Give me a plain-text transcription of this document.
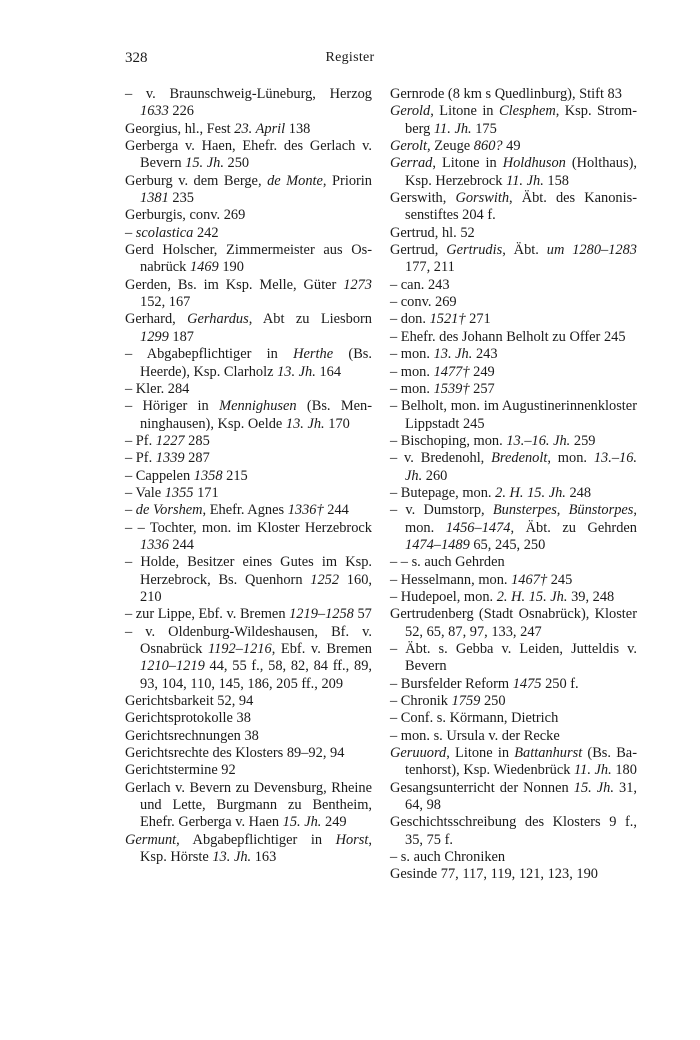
328	Register
– v. Braunschweig-Lüneburg, Herzog 1633 226
Georgius, hl., Fest 23. April 138
Gerberga v. Haen, Ehefr. des Gerlach v. Bevern 15. Jh. 250
Gerburg v. dem Berge, de Monte, Priorin 1381 235
Gerburgis, conv. 269
– scolastica 242
Gerd Holscher, Zimmermeister aus Osnabrück 1469 190
Gerden, Bs. im Ksp. Melle, Güter 1273 152, 167
Gerhard, Gerhardus, Abt zu Liesborn 1299 187
– Abgabepflichtiger in Herthe (Bs. Heerde), Ksp. Clarholz 13. Jh. 164
– Kler. 284
– Höriger in Mennighusen (Bs. Menninghausen), Ksp. Oelde 13. Jh. 170
– Pf. 1227 285
– Pf. 1339 287
– Cappelen 1358 215
– Vale 1355 171
– de Vorshem, Ehefr. Agnes 1336† 244
– – Tochter, mon. im Kloster Herzebrock 1336 244
– Holde, Besitzer eines Gutes im Ksp. Herzebrock, Bs. Quenhorn 1252 160, 210
– zur Lippe, Ebf. v. Bremen 1219–1258 57
– v. Oldenburg-Wildeshausen, Bf. v. Osnabrück 1192–1216, Ebf. v. Bremen 1210–1219 44, 55 f., 58, 82, 84 ff., 89, 93, 104, 110, 145, 186, 205 ff., 209
Gerichtsbarkeit 52, 94
Gerichtsprotokolle 38
Gerichtsrechnungen 38
Gerichtsrechte des Klosters 89–92, 94
Gerichtstermine 92
Gerlach v. Bevern zu Devensburg, Rheine und Lette, Burgmann zu Bentheim, Ehefr. Gerberga v. Haen 15. Jh. 249
Germunt, Abgabepflichtiger in Horst, Ksp. Hörste 13. Jh. 163
Gernrode (8 km s Quedlinburg), Stift 83
Gerold, Litone in Clesphem, Ksp. Stromberg 11. Jh. 175
Gerolt, Zeuge 860? 49
Gerrad, Litone in Holdhuson (Holthaus), Ksp. Herzebrock 11. Jh. 158
Gerswith, Gorswith, Äbt. des Kanonissenstiftes 204 f.
Gertrud, hl. 52
Gertrud, Gertrudis, Äbt. um 1280–1283 177, 211
– can. 243
– conv. 269
– don. 1521† 271
– Ehefr. des Johann Belholt zu Offer 245
– mon. 13. Jh. 243
– mon. 1477† 249
– mon. 1539† 257
– Belholt, mon. im Augustinerinnenkloster Lippstadt 245
– Bischoping, mon. 13.–16. Jh. 259
– v. Bredenohl, Bredenolt, mon. 13.–16. Jh. 260
– Butepage, mon. 2. H. 15. Jh. 248
– v. Dumstorp, Bunsterpes, Bünstorpes, mon. 1456–1474, Äbt. zu Gehrden 1474–1489 65, 245, 250
– – s. auch Gehrden
– Hesselmann, mon. 1467† 245
– Hudepoel, mon. 2. H. 15. Jh. 39, 248
Gertrudenberg (Stadt Osnabrück), Kloster 52, 65, 87, 97, 133, 247
– Äbt. s. Gebba v. Leiden, Jutteldis v. Bevern
– Bursfelder Reform 1475 250 f.
– Chronik 1759 250
– Conf. s. Körmann, Dietrich
– mon. s. Ursula v. der Recke
Geruuord, Litone in Battanhurst (Bs. Batenhorst), Ksp. Wiedenbrück 11. Jh. 180
Gesangsunterricht der Nonnen 15. Jh. 31, 64, 98
Geschichtsschreibung des Klosters 9 f., 35, 75 f.
– s. auch Chroniken
Gesinde 77, 117, 119, 121, 123, 190
